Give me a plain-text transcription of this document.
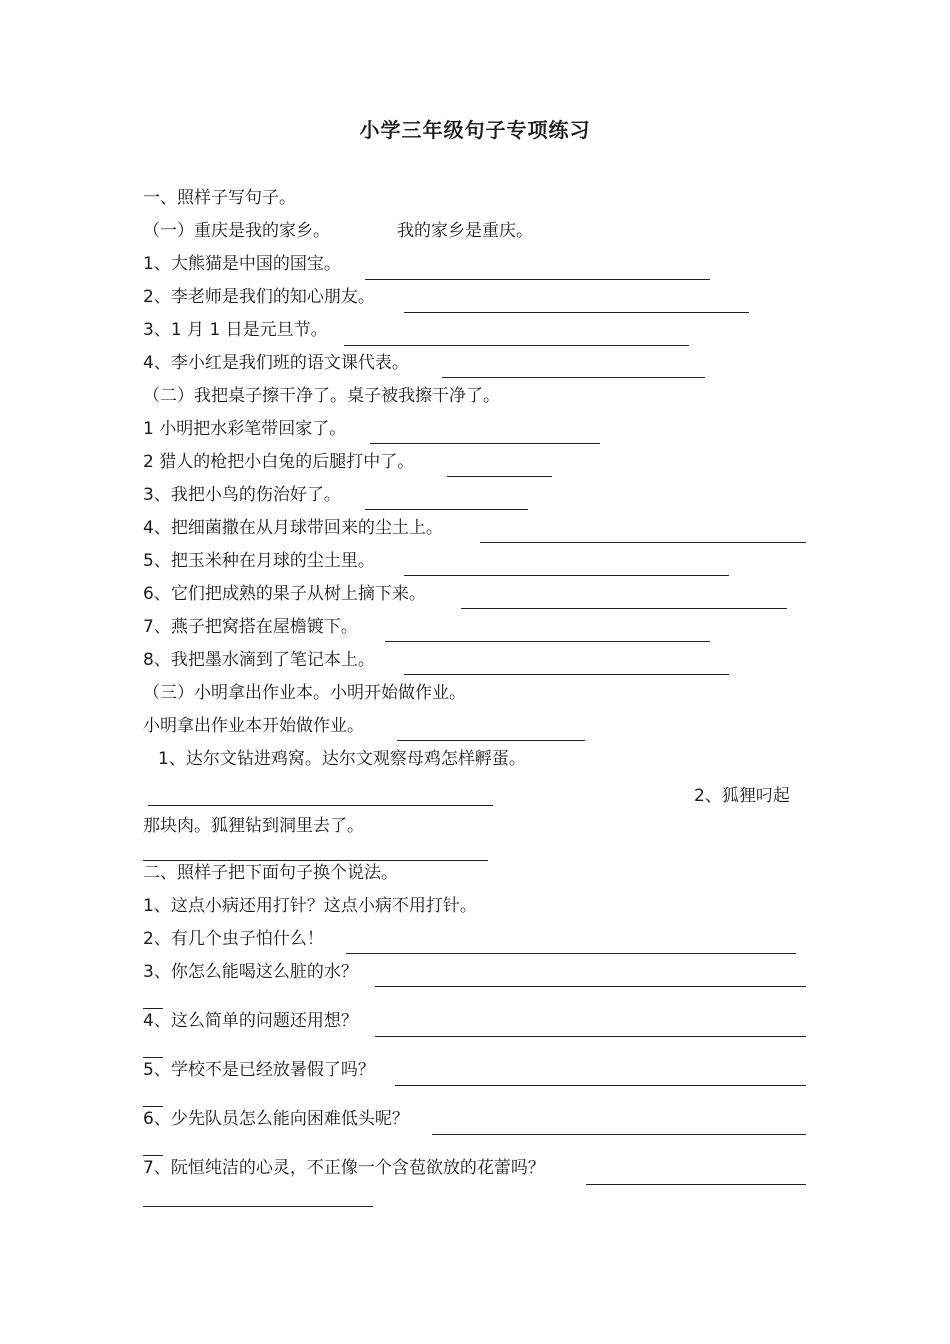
小学三年级句子专项练习
一、照样子写句子。
（一）重庆是我的家乡。	我的家乡是重庆。
1、大熊猫是中国的国宝。
2、李老师是我们的知心朋友。
3、1 月 1 日是元旦节。
4、李小红是我们班的语文课代表。
（二）我把桌子擦干净了。桌子被我擦干净了。
1 小明把水彩笔带回家了。
2 猎人的枪把小白兔的后腿打中了。
3、我把小鸟的伤治好了。
4、把细菌撒在从月球带回来的尘土上。
5、把玉米种在月球的尘土里。
6、它们把成熟的果子从树上摘下来。
7、燕子把窝搭在屋檐镀下。
8、我把墨水滴到了笔记本上。
（三）小明拿出作业本。小明开始做作业。
小明拿出作业本开始做作业。
1、达尔文钻进鸡窝。达尔文观察母鸡怎样孵蛋。
2、狐狸叼起
那块肉。狐狸钻到洞里去了。
二、照样子把下面句子换个说法。
1、这点小病还用打针？这点小病不用打针。
2、有几个虫子怕什么！
3、你怎么能喝这么脏的水？
4、这么简单的问题还用想？
5、学校不是已经放暑假了吗？
6、少先队员怎么能向困难低头呢？
7、阮恒纯洁的心灵，不正像一个含苞欲放的花蕾吗？
